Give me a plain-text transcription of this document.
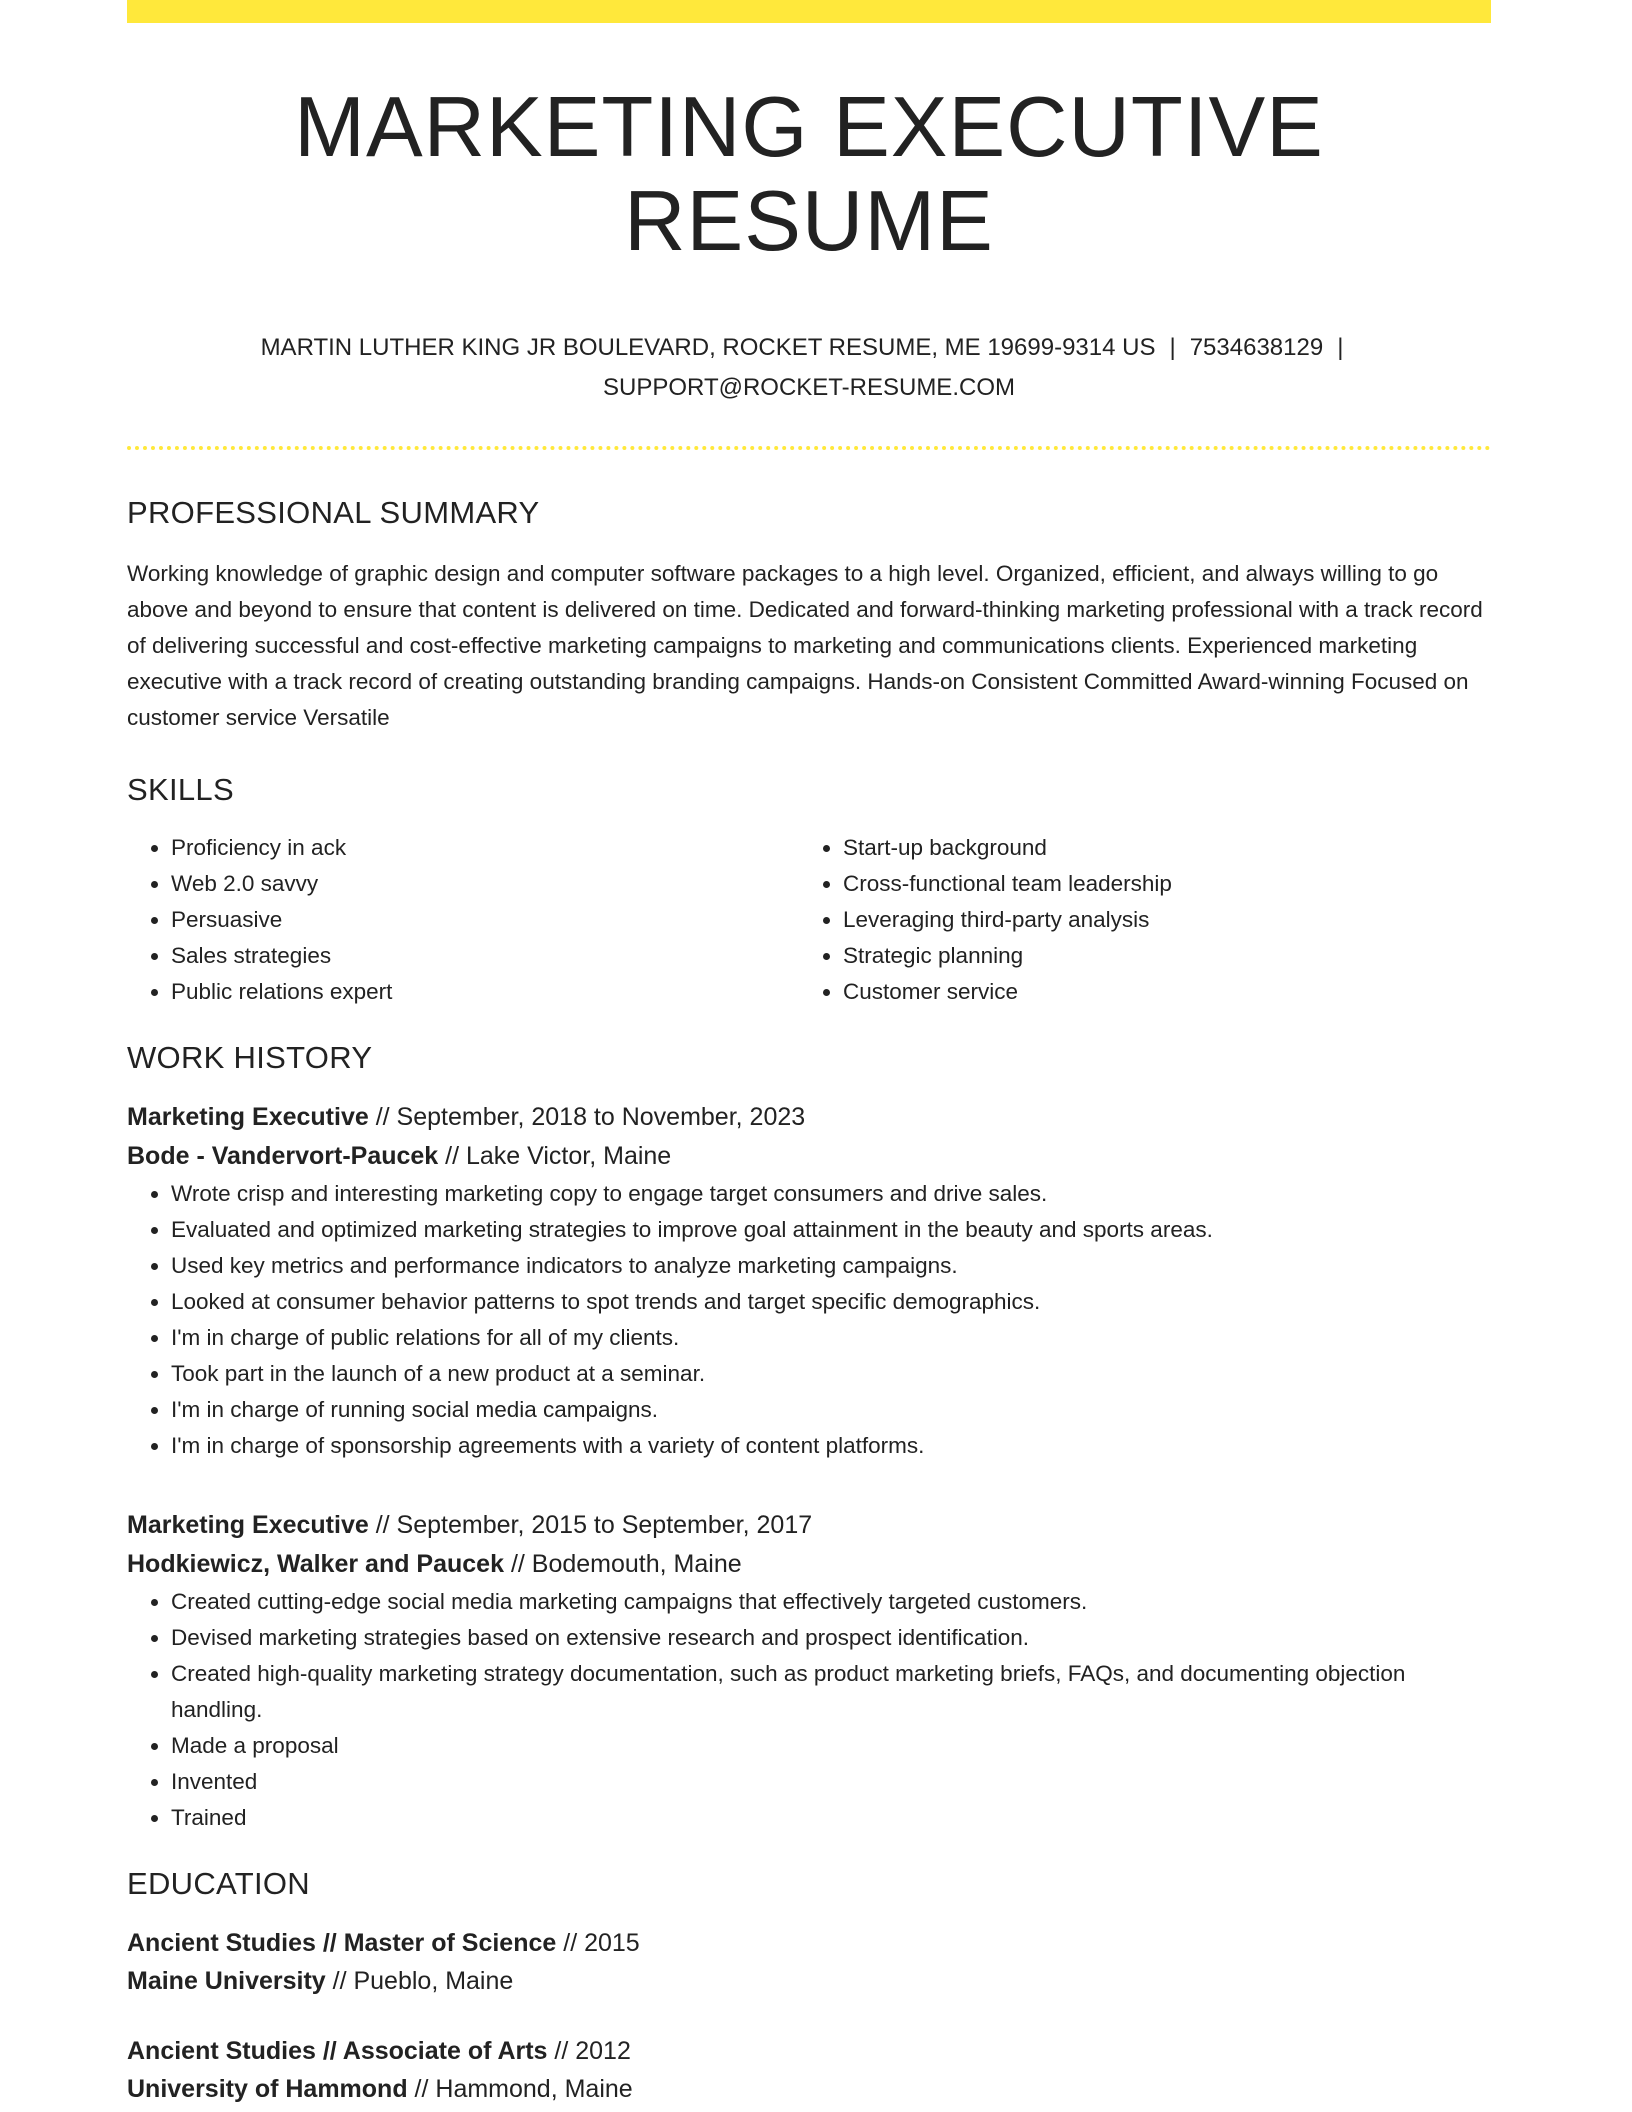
MARKETING EXECUTIVE RESUME
MARTIN LUTHER KING JR BOULEVARD, ROCKET RESUME, ME 19699-9314 US | 7534638129 |
SUPPORT@ROCKET-RESUME.COM
PROFESSIONAL SUMMARY

Working knowledge of graphic design and computer software packages to a high level. Organized, efficient, and always willing to go above and beyond to ensure that content is delivered on time. Dedicated and forward-thinking marketing professional with a track record of delivering successful and cost-effective marketing campaigns to marketing and communications clients. Experienced marketing executive with a track record of creating outstanding branding campaigns. Hands-on Consistent Committed Award-winning Focused on customer service Versatile

SKILLS
• Proficiency in ack
• Web 2.0 savvy
• Persuasive
• Sales strategies
• Public relations expert
• Start-up background
• Cross-functional team leadership
• Leveraging third-party analysis
• Strategic planning
• Customer service
WORK HISTORY
Marketing Executive // September, 2018 to November, 2023
Bode - Vandervort-Paucek // Lake Victor, Maine
• Wrote crisp and interesting marketing copy to engage target consumers and drive sales.
• Evaluated and optimized marketing strategies to improve goal attainment in the beauty and sports areas.
• Used key metrics and performance indicators to analyze marketing campaigns.
• Looked at consumer behavior patterns to spot trends and target specific demographics.
• I'm in charge of public relations for all of my clients.
• Took part in the launch of a new product at a seminar.
• I'm in charge of running social media campaigns.
• I'm in charge of sponsorship agreements with a variety of content platforms.
Marketing Executive // September, 2015 to September, 2017
Hodkiewicz, Walker and Paucek // Bodemouth, Maine
• Created cutting-edge social media marketing campaigns that effectively targeted customers.
• Devised marketing strategies based on extensive research and prospect identification.
• Created high-quality marketing strategy documentation, such as product marketing briefs, FAQs, and documenting objection handling.
• Made a proposal
• Invented
• Trained
EDUCATION
Ancient Studies // Master of Science // 2015
Maine University // Pueblo, Maine
Ancient Studies // Associate of Arts // 2012
University of Hammond // Hammond, Maine
